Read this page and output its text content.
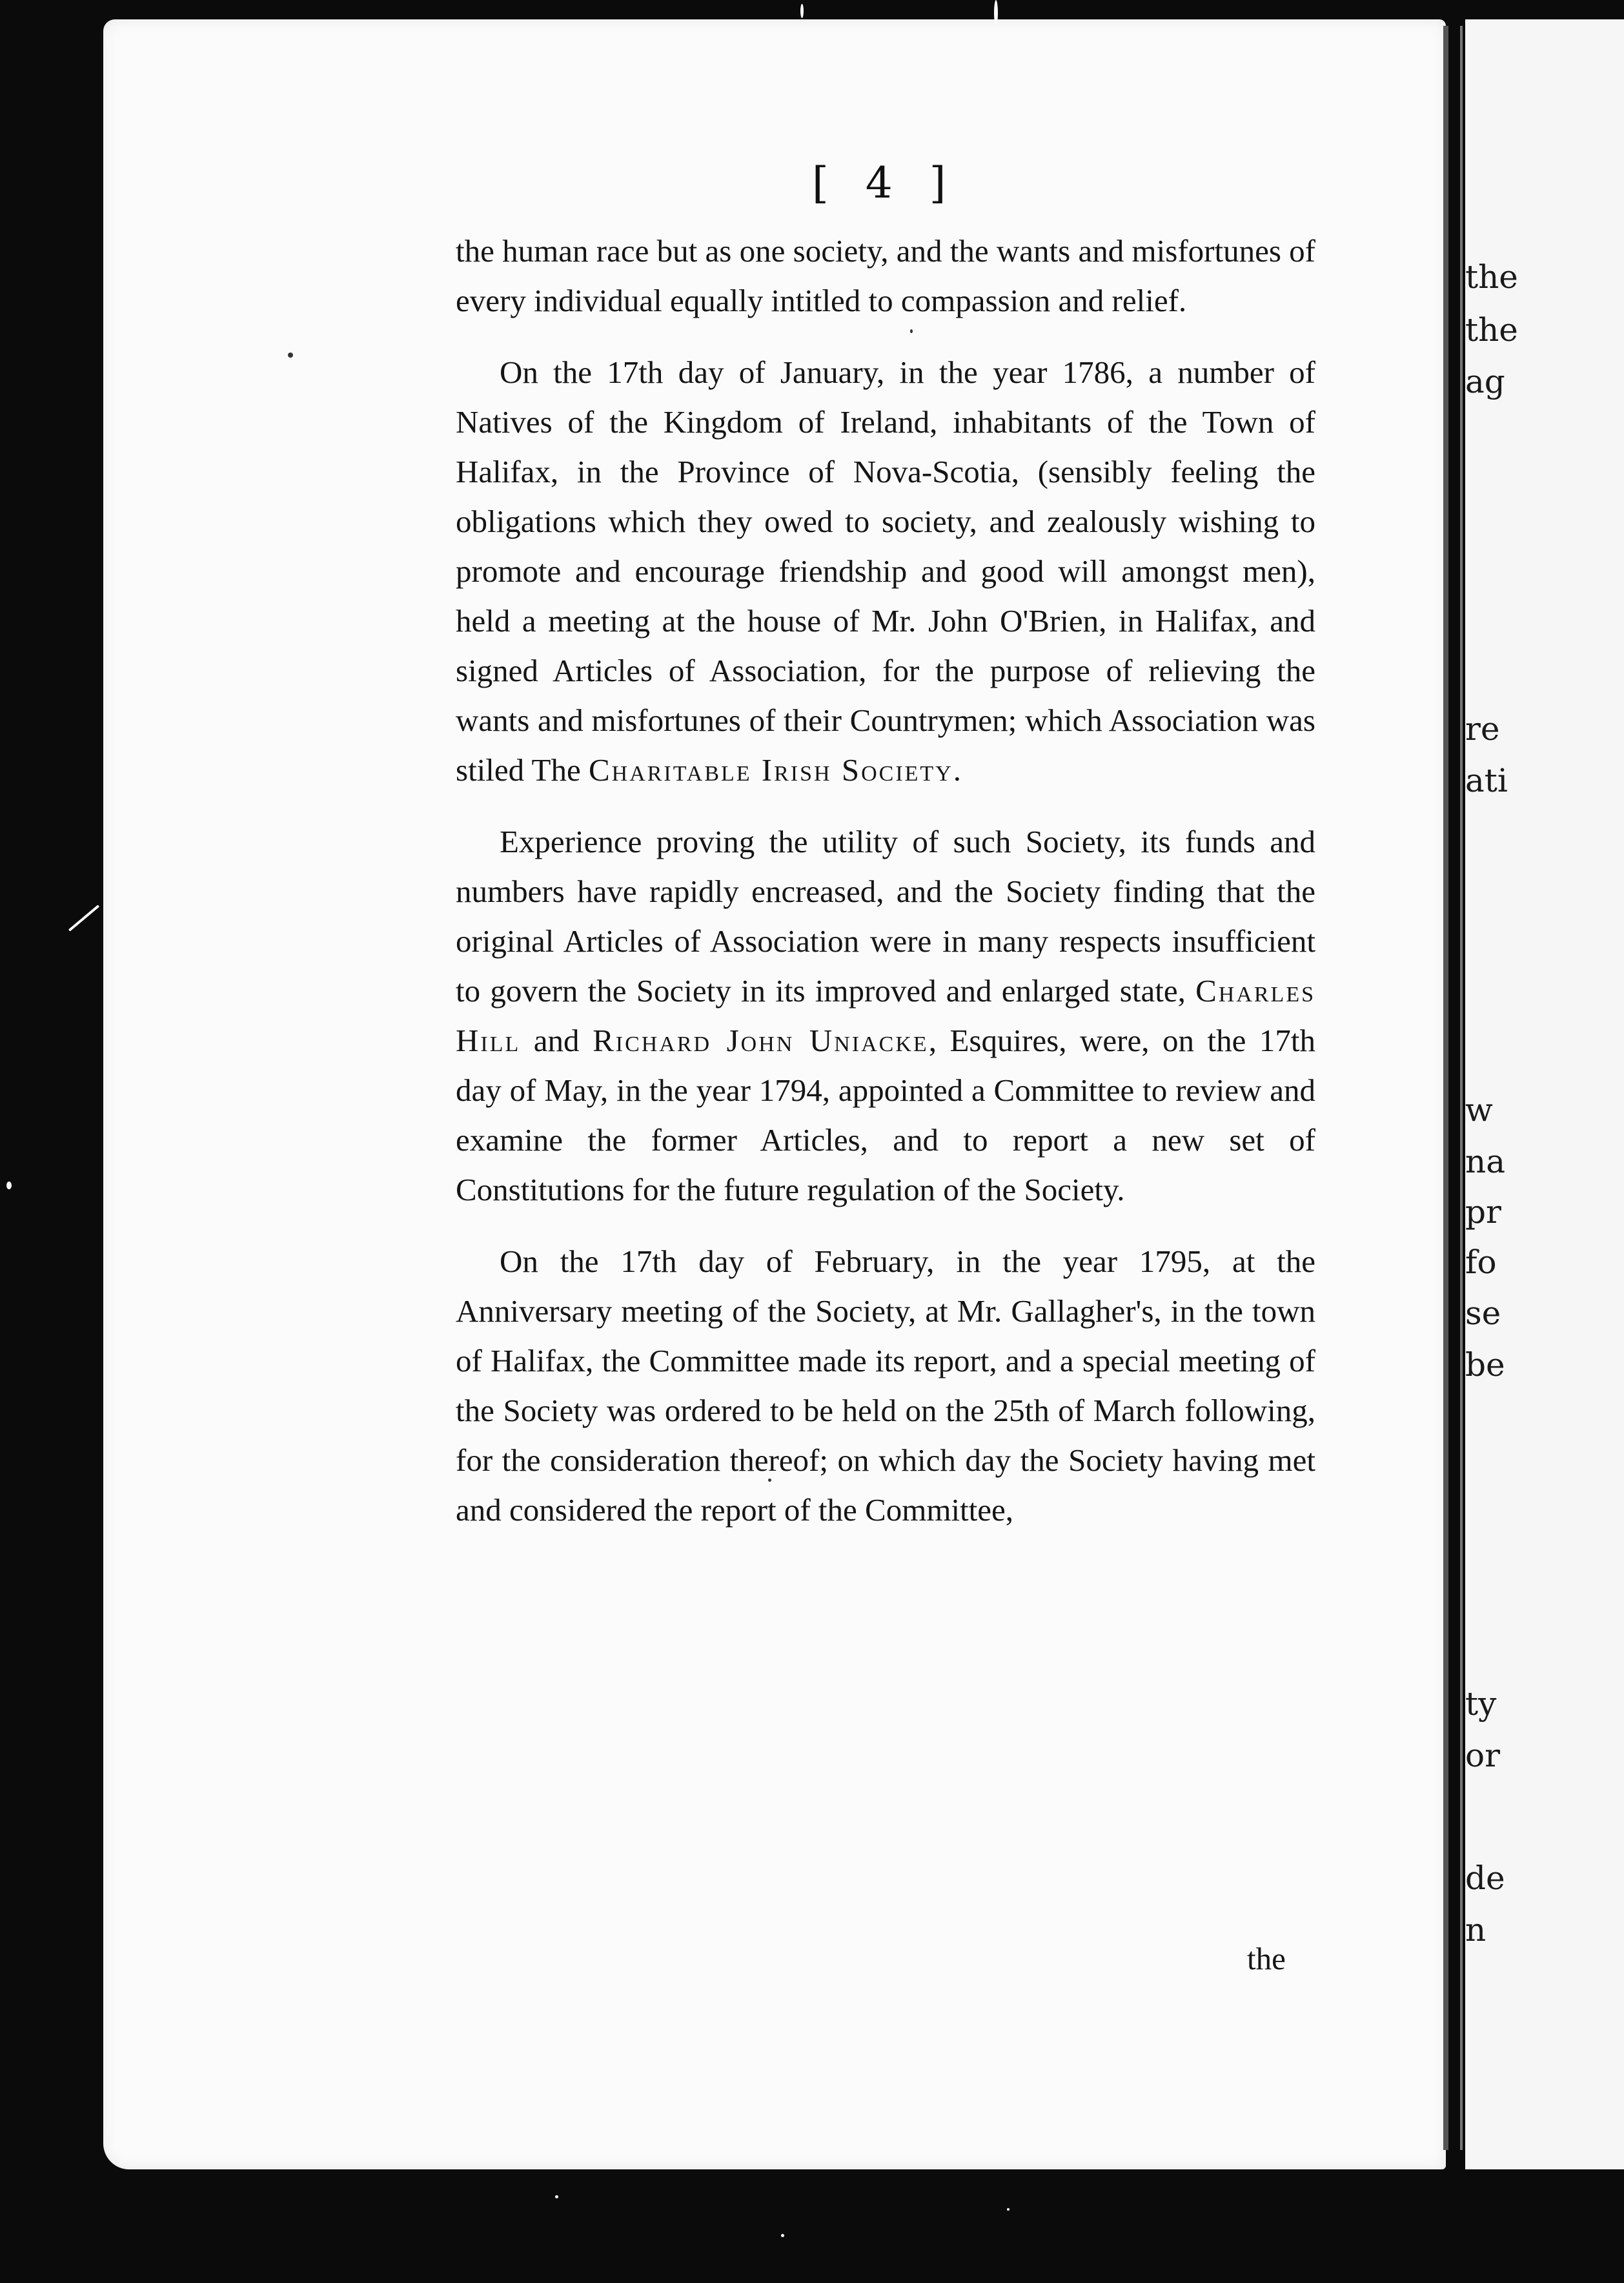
the
the
ag
re
ati
w
na
pr
fo
se
be
ty
or
de
n
[ 4 ]

the human race but as one society, and the wants and misfortunes of every individual equally intitled to compassion and relief.

On the 17th day of January, in the year 1786, a number of Natives of the Kingdom of Ireland, inhabitants of the Town of Halifax, in the Province of Nova-Scotia, (sensibly feeling the obligations which they owed to society, and zealously wishing to promote and encourage friendship and good will amongst men), held a meeting at the house of Mr. John O'Brien, in Halifax, and signed Articles of Association, for the purpose of relieving the wants and misfortunes of their Countrymen; which Association was stiled The Charitable Irish Society.

Experience proving the utility of such Society, its funds and numbers have rapidly encreased, and the Society finding that the original Articles of Association were in many respects insufficient to govern the Society in its improved and enlarged state, Charles Hill and Richard John Uniacke, Esquires, were, on the 17th day of May, in the year 1794, appointed a Committee to review and examine the former Articles, and to report a new set of Constitutions for the future regulation of the Society.

On the 17th day of February, in the year 1795, at the Anniversary meeting of the Society, at Mr. Gallagher's, in the town of Halifax, the Committee made its report, and a special meeting of the Society was ordered to be held on the 25th of March following, for the consideration thereof; on which day the Society having met and considered the report of the Committee,

the
